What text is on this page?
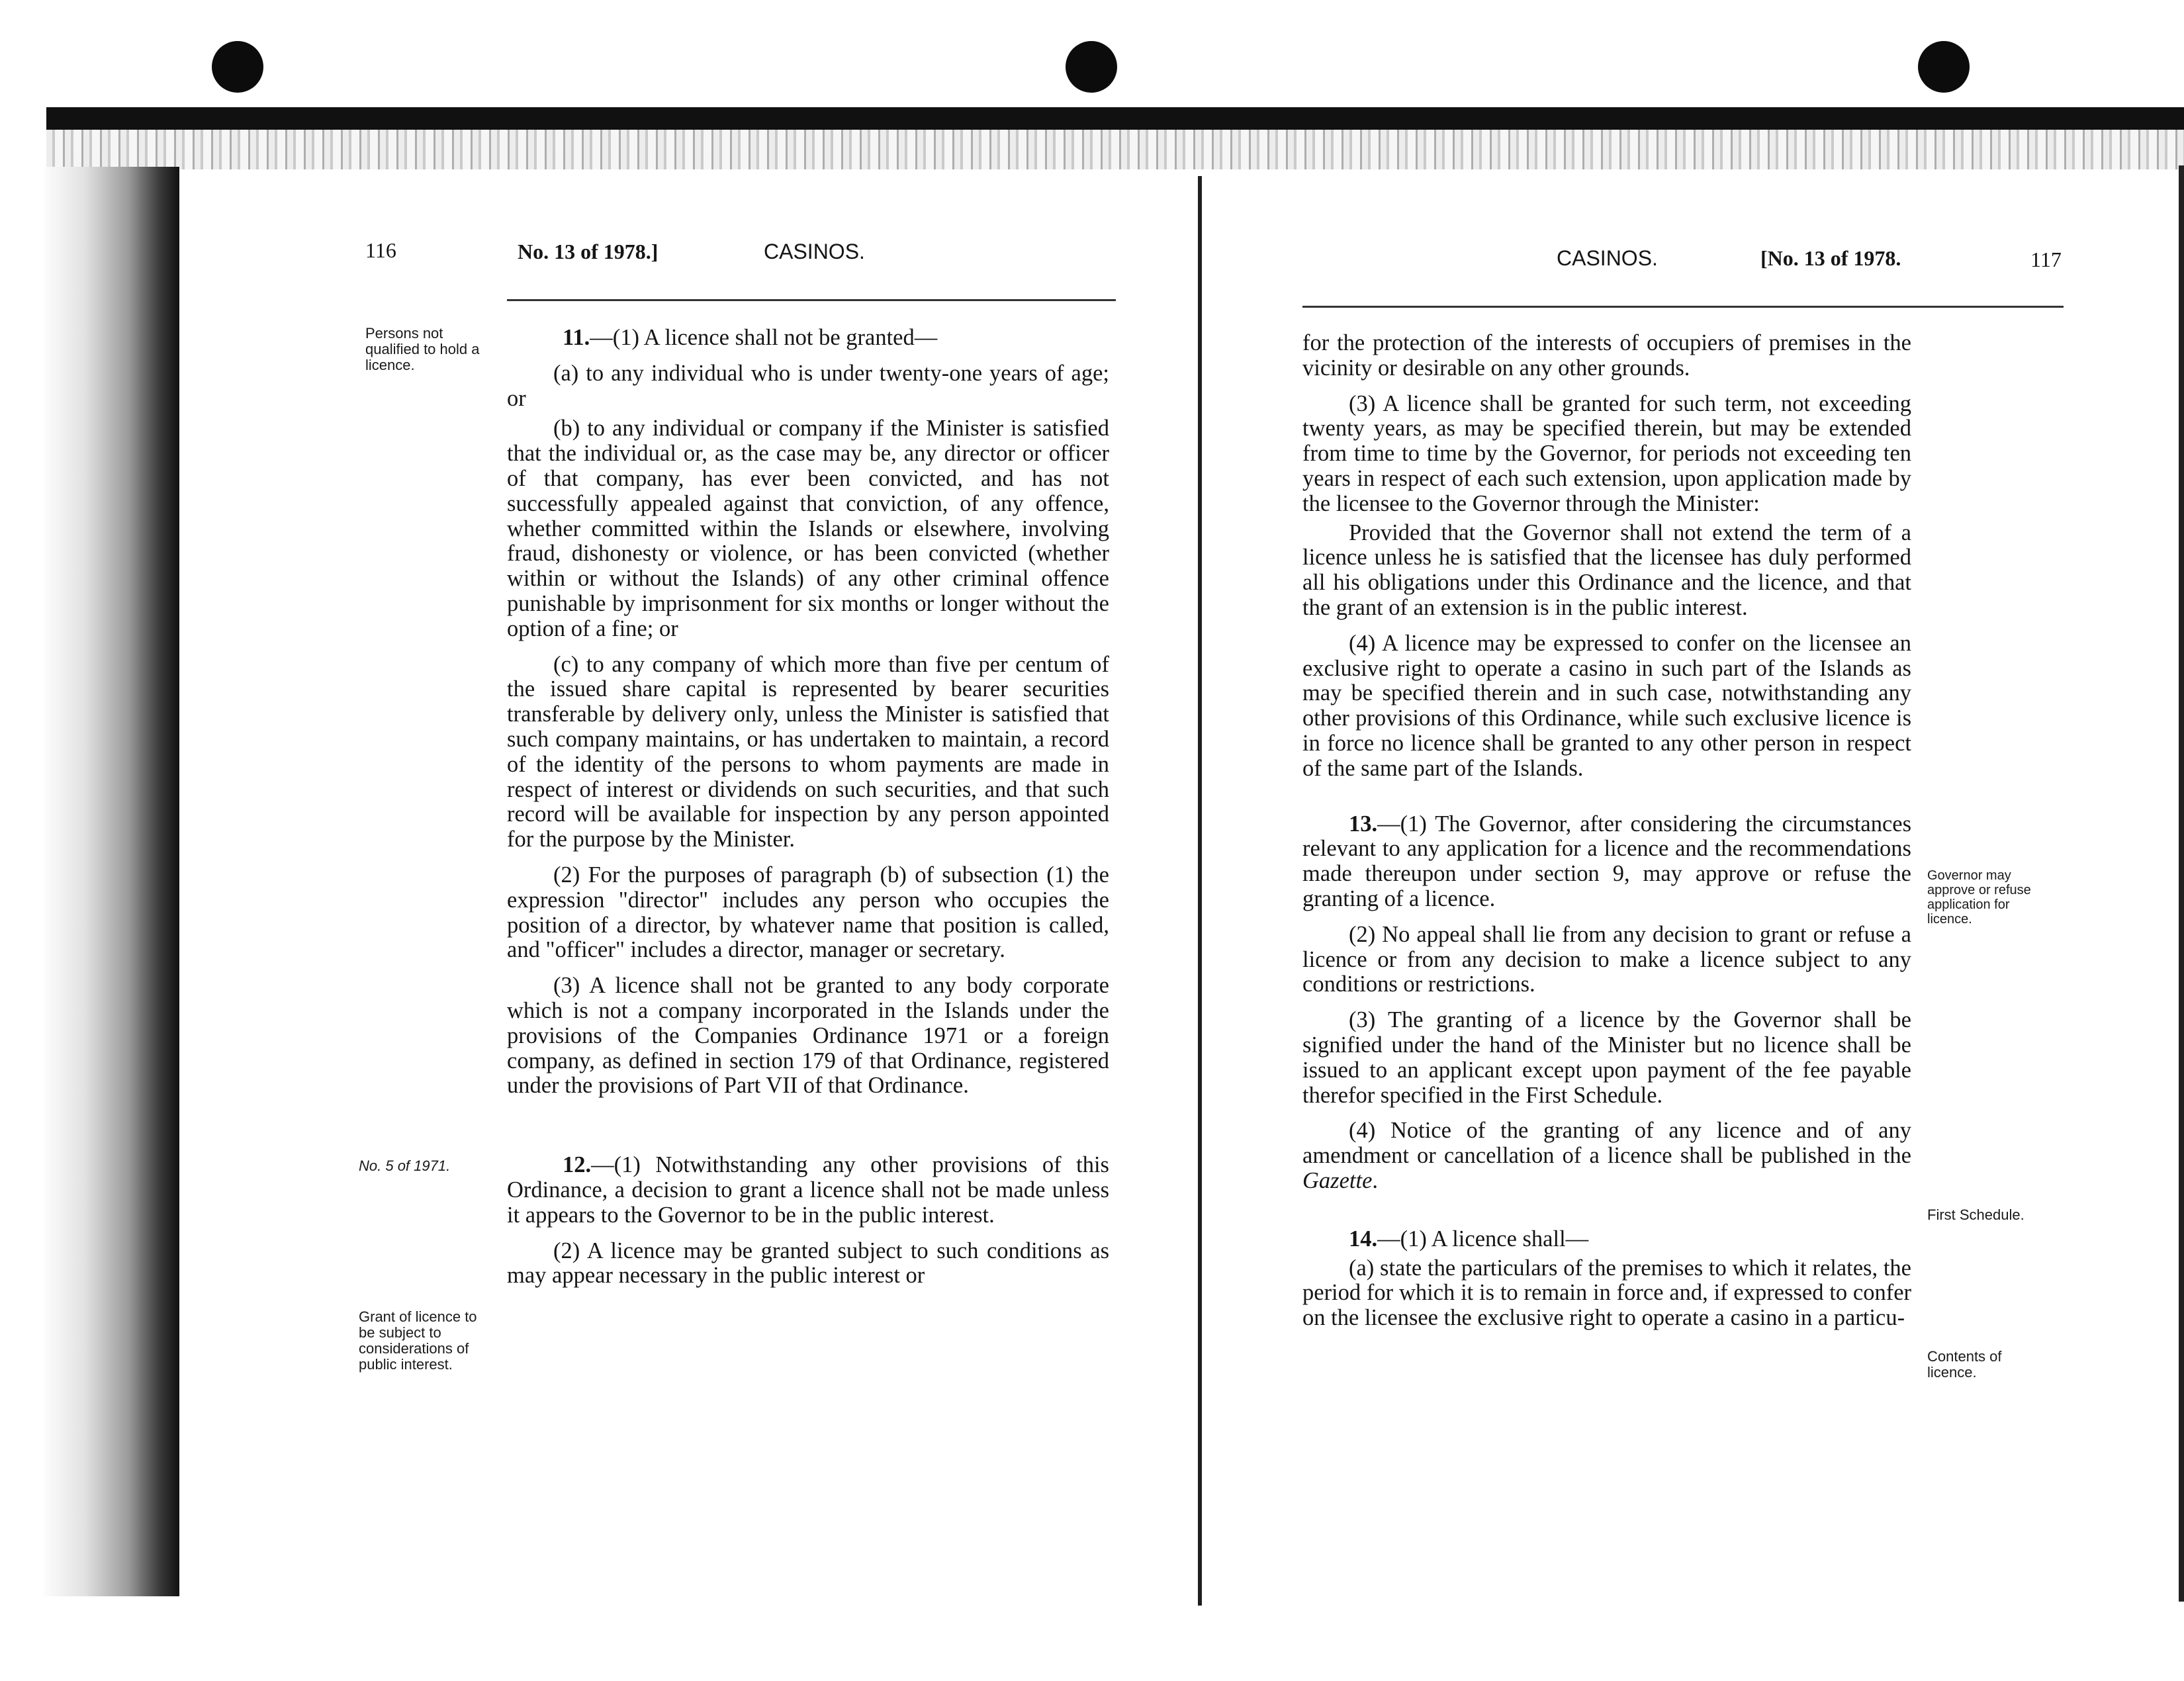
116	No. 13 of 1978.]	CASINOS.
Persons not qualified to hold a licence.
No. 5 of 1971.
Grant of licence to be subject to considerations of public interest.

11.—(1) A licence shall not be granted—

(a) to any individual who is under twenty-one years of age; or

(b) to any individual or company if the Minister is satisfied that the individual or, as the case may be, any director or officer of that company, has ever been convicted, and has not successfully appealed against that conviction, of any offence, whether committed within the Islands or elsewhere, involving fraud, dishonesty or violence, or has been convicted (whether within or without the Islands) of any other criminal offence punishable by imprisonment for six months or longer without the option of a fine; or

(c) to any company of which more than five per centum of the issued share capital is represented by bearer securities transferable by delivery only, unless the Minister is satisfied that such company maintains, or has undertaken to maintain, a record of the identity of the persons to whom payments are made in respect of interest or dividends on such securities, and that such record will be available for inspection by any person appointed for the purpose by the Minister.

(2) For the purposes of paragraph (b) of subsection (1) the expression "director" includes any person who occupies the position of a director, by whatever name that position is called, and "officer" includes a director, manager or secretary.

(3) A licence shall not be granted to any body corporate which is not a company incorporated in the Islands under the provisions of the Companies Ordinance 1971 or a foreign company, as defined in section 179 of that Ordinance, registered under the provisions of Part VII of that Ordinance.

12.—(1) Notwithstanding any other provisions of this Ordinance, a decision to grant a licence shall not be made unless it appears to the Governor to be in the public interest.

(2) A licence may be granted subject to such conditions as may appear necessary in the public interest or

CASINOS.	[No. 13 of 1978.	117
Governor may approve or refuse application for licence.
First Schedule.
Contents of licence.

for the protection of the interests of occupiers of premises in the vicinity or desirable on any other grounds.

(3) A licence shall be granted for such term, not exceeding twenty years, as may be specified therein, but may be extended from time to time by the Governor, for periods not exceeding ten years in respect of each such extension, upon application made by the licensee to the Governor through the Minister:

Provided that the Governor shall not extend the term of a licence unless he is satisfied that the licensee has duly performed all his obligations under this Ordinance and the licence, and that the grant of an extension is in the public interest.

(4) A licence may be expressed to confer on the licensee an exclusive right to operate a casino in such part of the Islands as may be specified therein and in such case, notwithstanding any other provisions of this Ordinance, while such exclusive licence is in force no licence shall be granted to any other person in respect of the same part of the Islands.

13.—(1) The Governor, after considering the circumstances relevant to any application for a licence and the recommendations made thereupon under section 9, may approve or refuse the granting of a licence.

(2) No appeal shall lie from any decision to grant or refuse a licence or from any decision to make a licence subject to any conditions or restrictions.

(3) The granting of a licence by the Governor shall be signified under the hand of the Minister but no licence shall be issued to an applicant except upon payment of the fee payable therefor specified in the First Schedule.

(4) Notice of the granting of any licence and of any amendment or cancellation of a licence shall be published in the Gazette.

14.—(1) A licence shall—

(a) state the particulars of the premises to which it relates, the period for which it is to remain in force and, if expressed to confer on the licensee the exclusive right to operate a casino in a particu-
